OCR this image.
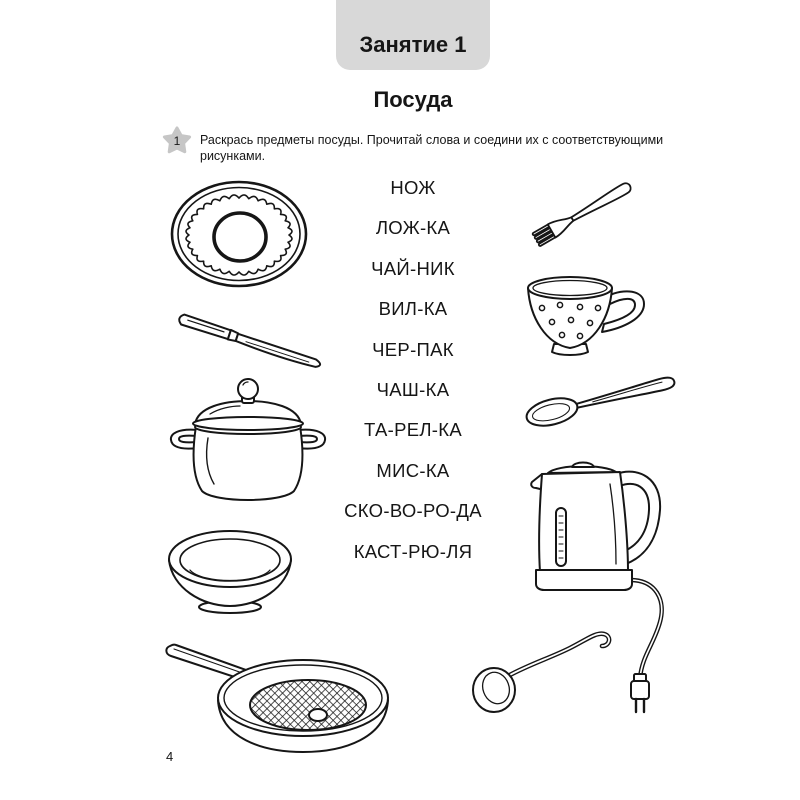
Занятие 1
Посуда
1	Раскрась предметы посуды. Прочитай слова и соедини их с соответствующими рисунками.
НОЖ
ЛОЖ-КА
ЧАЙ-НИК
ВИЛ-КА
ЧЕР-ПАК
ЧАШ-КА
ТА-РЕЛ-КА
МИС-КА
СКО-ВО-РО-ДА
КАСТ-РЮ-ЛЯ
4
